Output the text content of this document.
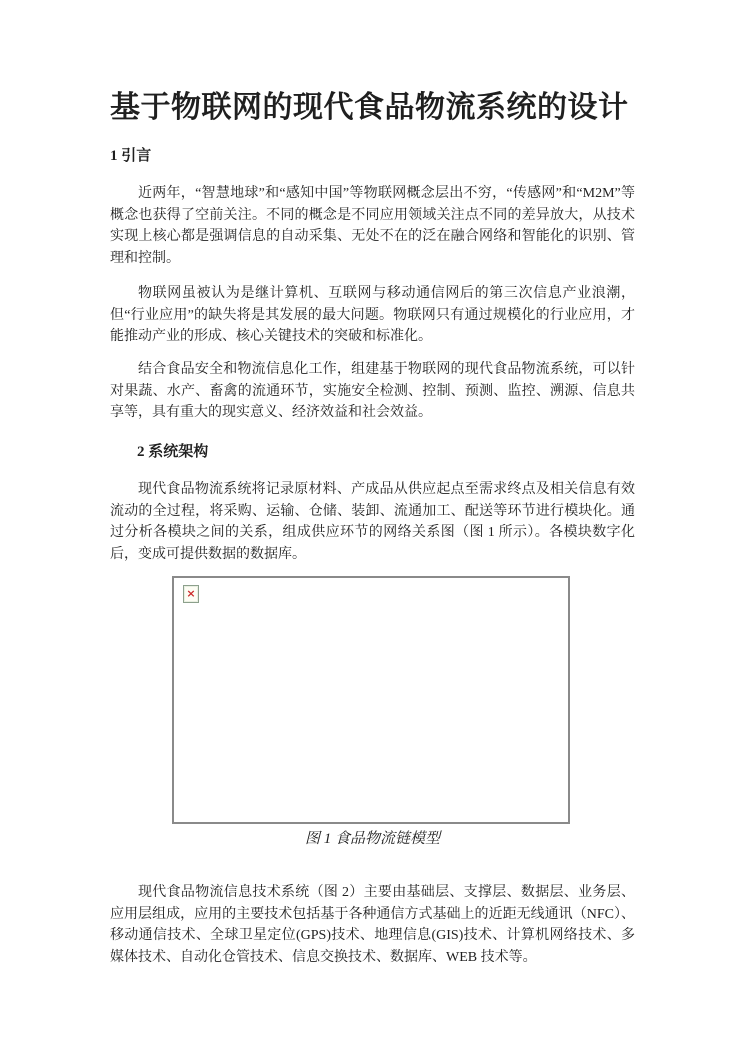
基于物联网的现代食品物流系统的设计
1 引言

近两年，“智慧地球”和“感知中国”等物联网概念层出不穷，“传感网”和“M2M”等概念也获得了空前关注。不同的概念是不同应用领域关注点不同的差异放大，从技术实现上核心都是强调信息的自动采集、无处不在的泛在融合网络和智能化的识别、管理和控制。

物联网虽被认为是继计算机、互联网与移动通信网后的第三次信息产业浪潮，但“行业应用”的缺失将是其发展的最大问题。物联网只有通过规模化的行业应用，才能推动产业的形成、核心关键技术的突破和标准化。

结合食品安全和物流信息化工作，组建基于物联网的现代食品物流系统，可以针对果蔬、水产、畜禽的流通环节，实施安全检测、控制、预测、监控、溯源、信息共享等，具有重大的现实意义、经济效益和社会效益。

2 系统架构

现代食品物流系统将记录原材料、产成品从供应起点至需求终点及相关信息有效流动的全过程，将采购、运输、仓储、装卸、流通加工、配送等环节进行模块化。通过分析各模块之间的关系，组成供应环节的网络关系图（图 1 所示）。各模块数字化后，变成可提供数据的数据库。

×
图 1 食品物流链模型

现代食品物流信息技术系统（图 2）主要由基础层、支撑层、数据层、业务层、应用层组成，应用的主要技术包括基于各种通信方式基础上的近距无线通讯（NFC）、移动通信技术、全球卫星定位(GPS)技术、地理信息(GIS)技术、计算机网络技术、多媒体技术、自动化仓管技术、信息交换技术、数据库、WEB 技术等。
